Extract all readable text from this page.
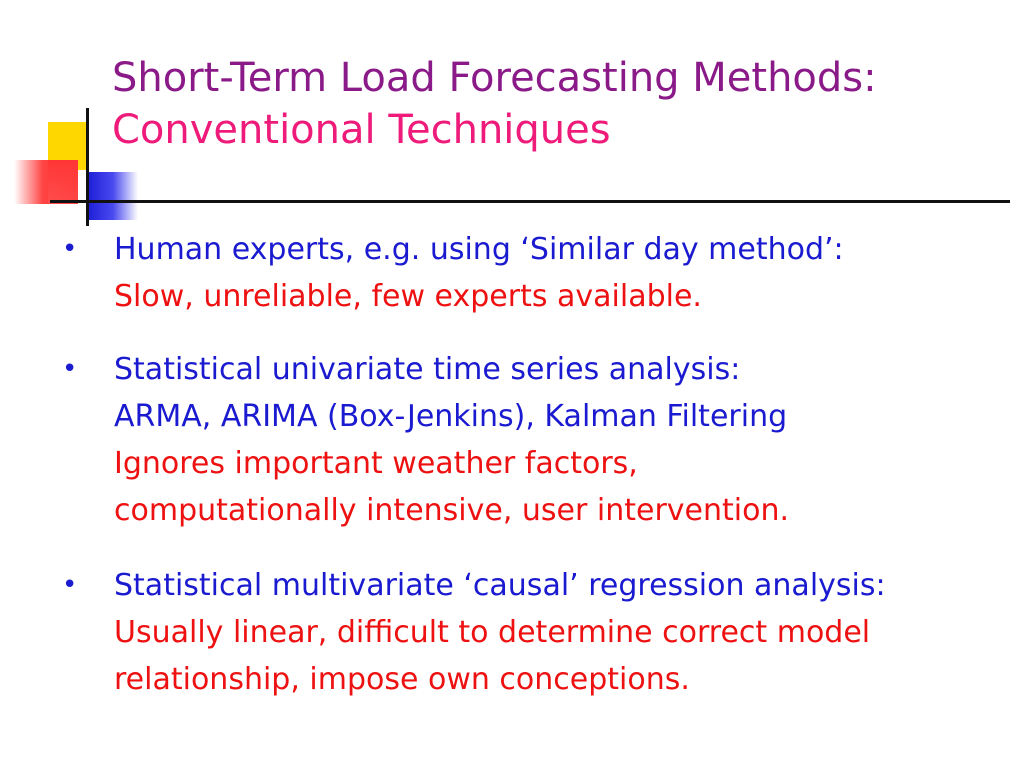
Short-Term Load Forecasting Methods:
Conventional Techniques
• Human experts, e.g. using ‘Similar day method’:
Slow, unreliable, few experts available.
• Statistical univariate time series analysis:
ARMA, ARIMA (Box-Jenkins), Kalman Filtering
Ignores important weather factors,
computationally intensive, user intervention.
• Statistical multivariate ‘causal’ regression analysis:
Usually linear, difficult to determine correct model
relationship, impose own conceptions.
